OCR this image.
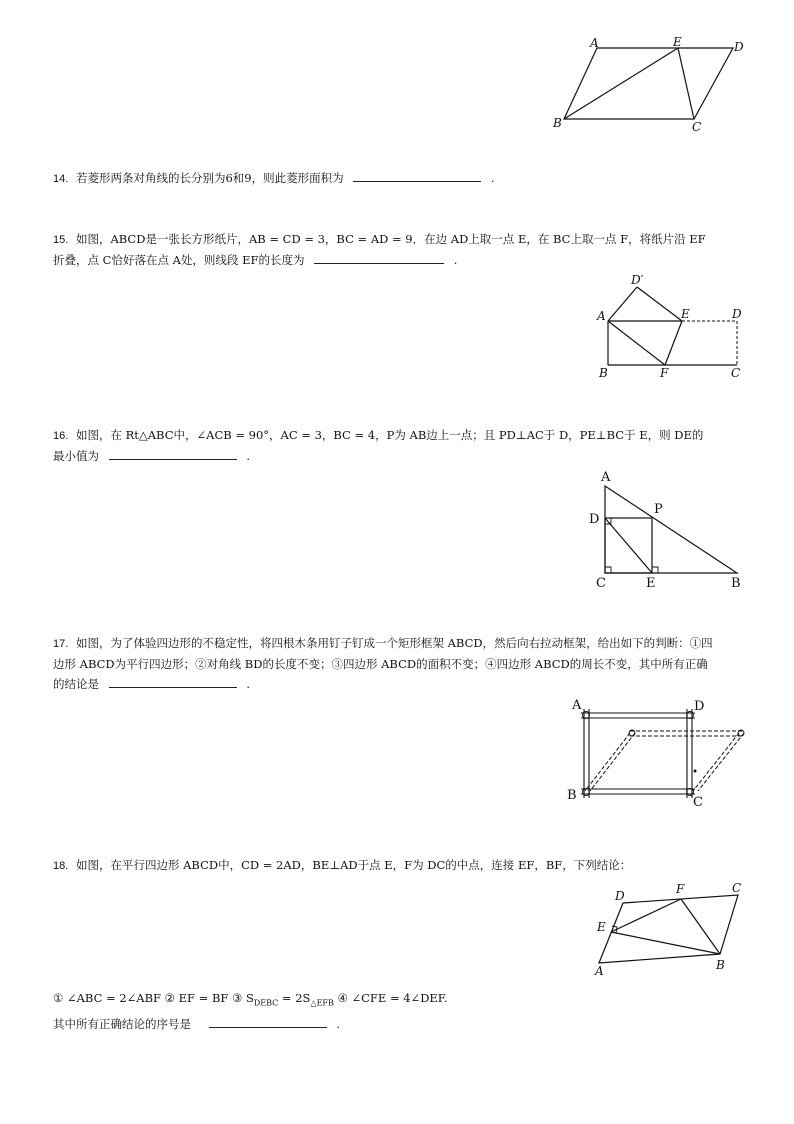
A	E	D
B	C
14. 若菱形两条对角线的长分别为6和9，则此菱形面积为	.
15. 如图，ABCD是一张长方形纸片，AB = CD = 3，BC = AD = 9．在边 AD上取一点 E，在 BC上取一点 F，将纸片沿 EF
折叠，点 C恰好落在点 A处，则线段 EF的长度为	.
D′
A	E	D
B	F	C
16. 如图，在 Rt△ABC中，∠ACB = 90°，AC = 3，BC = 4，P为 AB边上一点；且 PD⊥AC于 D，PE⊥BC于 E，则 DE的
最小值为	.
A
D
P
C	E	B
17. 如图，为了体验四边形的不稳定性，将四根木条用钉子钉成一个矩形框架 ABCD，然后向右拉动框架，给出如下的判断：①四
边形 ABCD为平行四边形；②对角线 BD的长度不变；③四边形 ABCD的面积不变；④四边形 ABCD的周长不变，其中所有正确
的结论是	.
A	D
B	C
18. 如图，在平行四边形 ABCD中，CD = 2AD，BE⊥AD于点 E，F为 DC的中点，连接 EF，BF，下列结论：
D	F	C
E
A	B
① ∠ABC = 2∠ABF ② EF = BF ③ $S_{DEBC} = 2S_{\triangle EFB}$ ④ ∠CFE = 4∠DEF.
其中所有正确结论的序号是	.
